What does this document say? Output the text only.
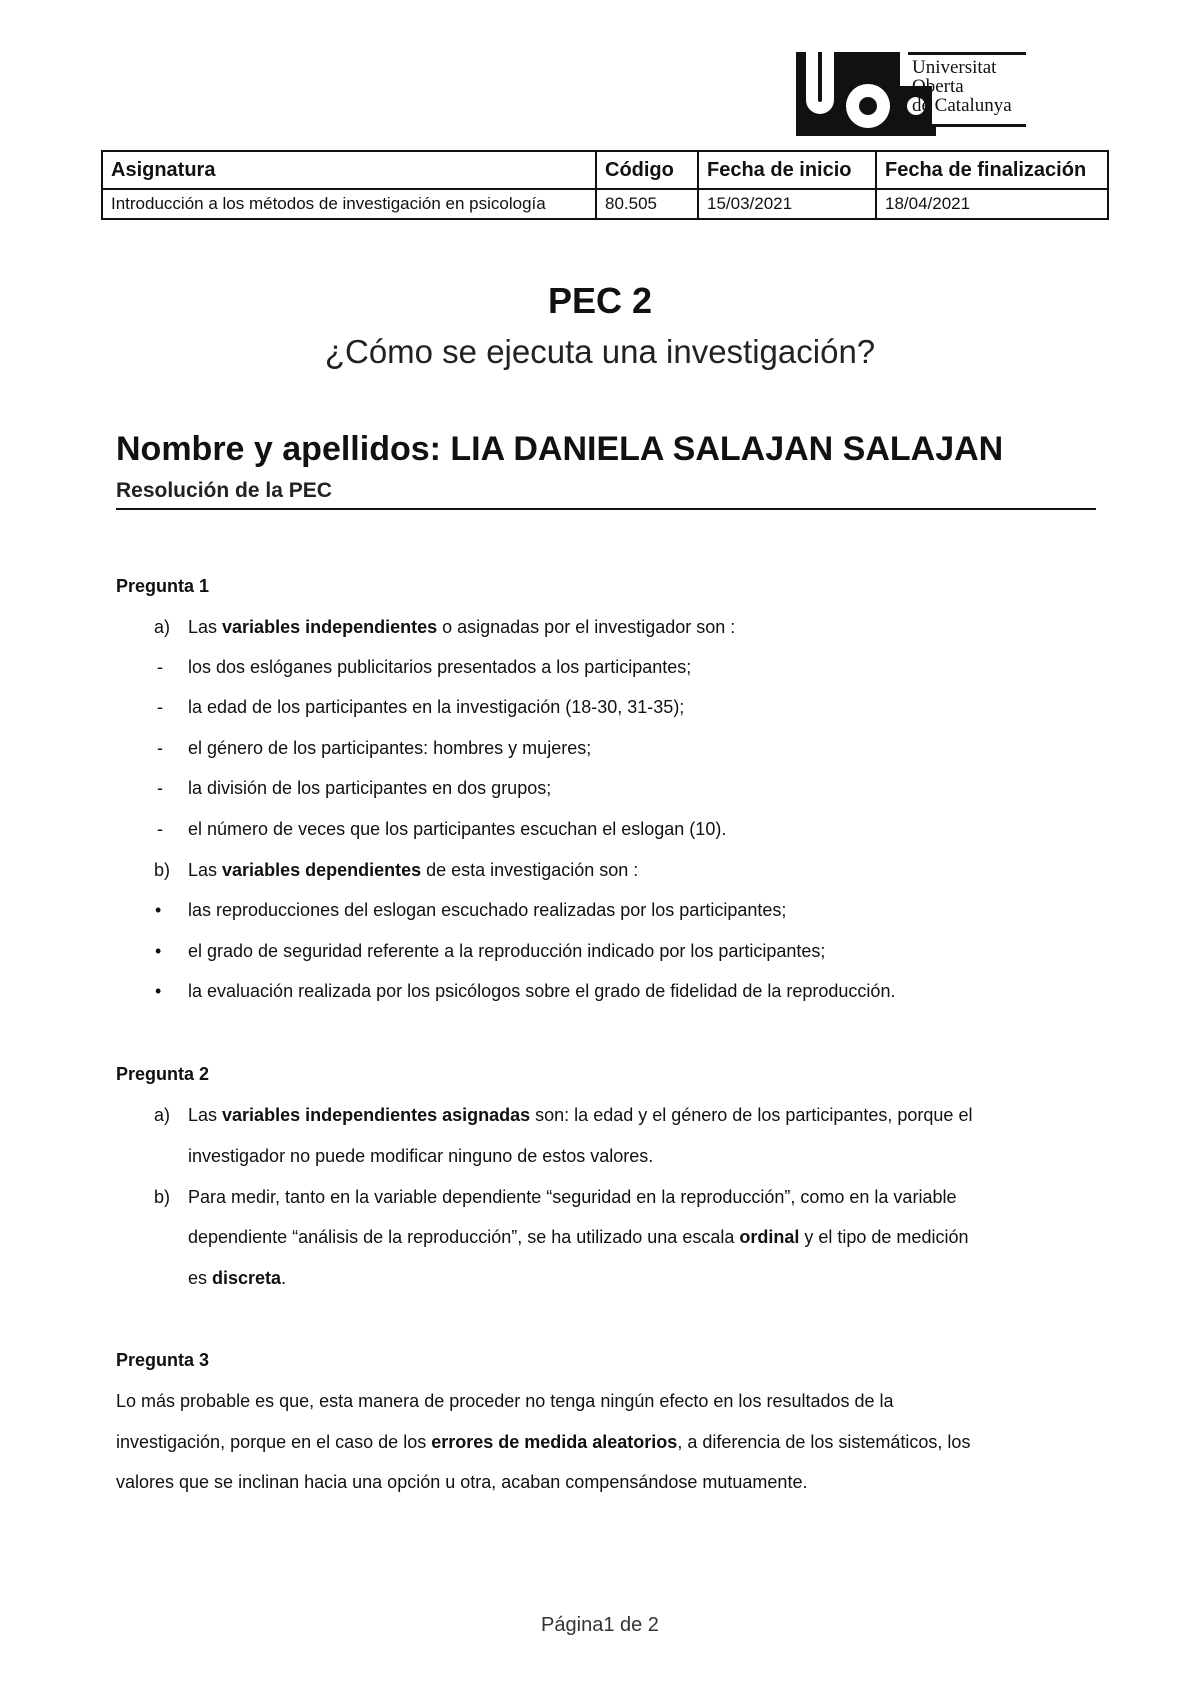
Universitat
Oberta
de Catalunya
Asignatura	Código	Fecha de inicio	Fecha de finalización
Introducción a los métodos de investigación en psicología	80.505	15/03/2021	18/04/2021
PEC 2
¿Cómo se ejecuta una investigación?
Nombre y apellidos: LIA DANIELA SALAJAN SALAJAN
Resolución de la PEC
Pregunta 1
a) Las variables independientes o asignadas por el investigador son :
- los dos eslóganes publicitarios presentados a los participantes;
- la edad de los participantes en la investigación (18-30, 31-35);
- el género de los participantes: hombres y mujeres;
- la división de los participantes en dos grupos;
- el número de veces que los participantes escuchan el eslogan (10).
b) Las variables dependientes de esta investigación son :
• las reproducciones del eslogan escuchado realizadas por los participantes;
• el grado de seguridad referente a la reproducción indicado por los participantes;
• la evaluación realizada por los psicólogos sobre el grado de fidelidad de la reproducción.
Pregunta 2
a) Las variables independientes asignadas son: la edad y el género de los participantes, porque el
investigador no puede modificar ninguno de estos valores.
b) Para medir, tanto en la variable dependiente “seguridad en la reproducción”, como en la variable
dependiente “análisis de la reproducción”, se ha utilizado una escala ordinal y el tipo de medición
es discreta.
Pregunta 3
Lo más probable es que, esta manera de proceder no tenga ningún efecto en los resultados de la
investigación, porque en el caso de los errores de medida aleatorios, a diferencia de los sistemáticos, los
valores que se inclinan hacia una opción u otra, acaban compensándose mutuamente.
Página1 de 2
